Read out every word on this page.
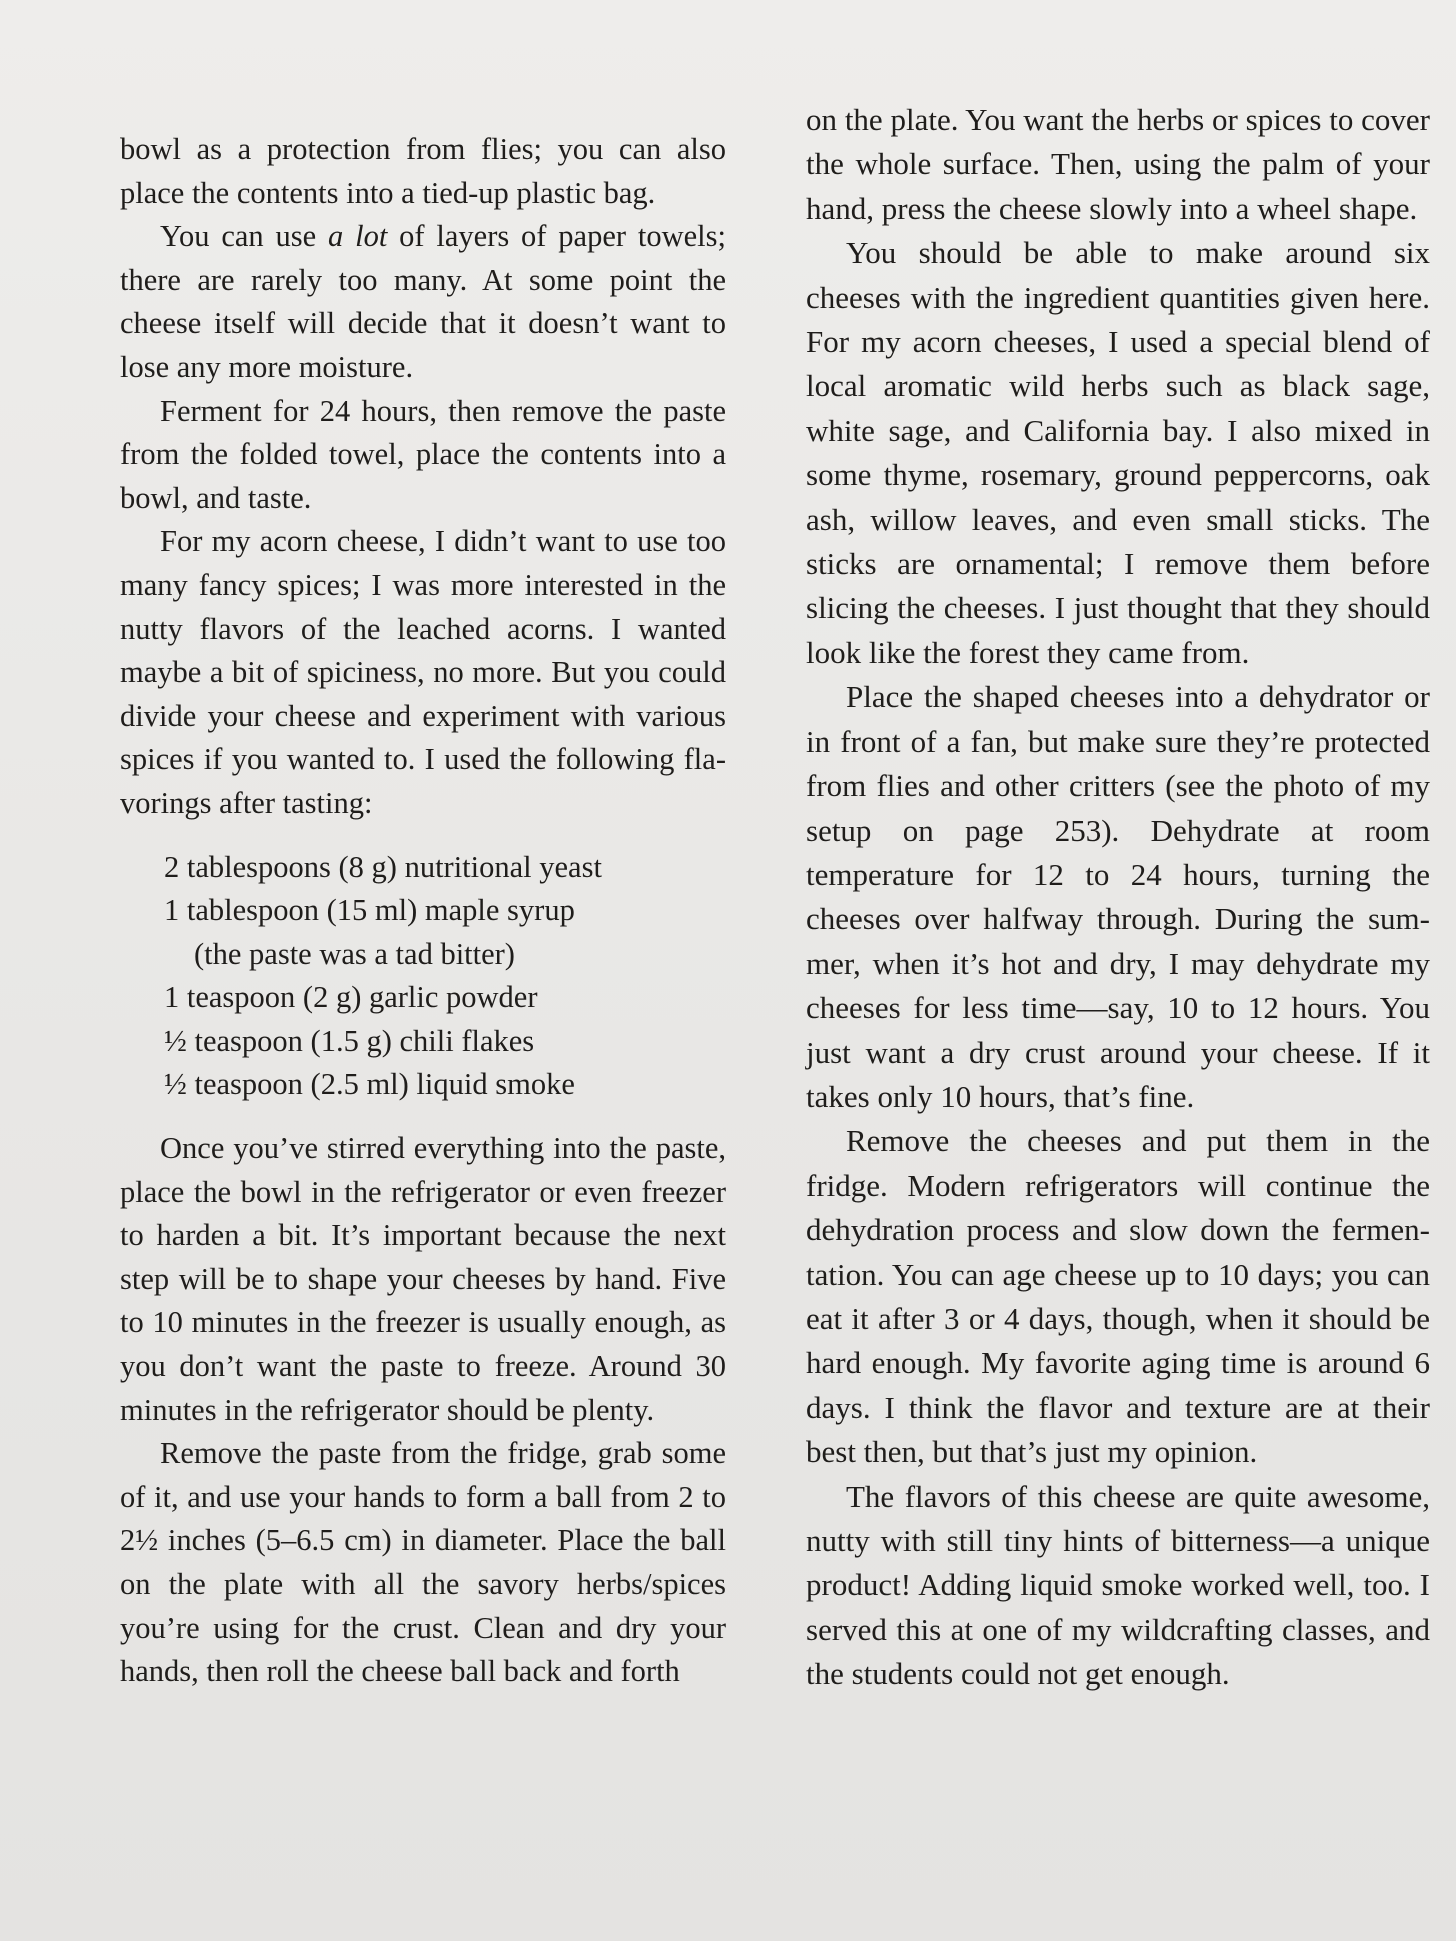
bowl as a protection from flies; you can also place the contents into a tied-up plastic bag.

You can use a lot of layers of paper towels; there are rarely too many. At some point the cheese itself will decide that it doesn’t want to lose any more moisture.

Ferment for 24 hours, then remove the paste from the folded towel, place the contents into a bowl, and taste.

For my acorn cheese, I didn’t want to use too many fancy spices; I was more interested in the nutty flavors of the leached acorns. I wanted maybe a bit of spiciness, no more. But you could divide your cheese and experiment with various spices if you wanted to. I used the following flavorings after tasting:

2 tablespoons (8 g) nutritional yeast
1 tablespoon (15 ml) maple syrup
(the paste was a tad bitter)
1 teaspoon (2 g) garlic powder
½ teaspoon (1.5 g) chili flakes
½ teaspoon (2.5 ml) liquid smoke

Once you’ve stirred everything into the paste, place the bowl in the refrigerator or even freezer to harden a bit. It’s important because the next step will be to shape your cheeses by hand. Five to 10 minutes in the freezer is usually enough, as you don’t want the paste to freeze. Around 30 minutes in the refrigerator should be plenty.

Remove the paste from the fridge, grab some of it, and use your hands to form a ball from 2 to 2½ inches (5–6.5 cm) in diameter. Place the ball on the plate with all the savory herbs/spices you’re using for the crust. Clean and dry your hands, then roll the cheese ball back and forth

on the plate. You want the herbs or spices to cover the whole surface. Then, using the palm of your hand, press the cheese slowly into a wheel shape.

You should be able to make around six cheeses with the ingredient quantities given here. For my acorn cheeses, I used a special blend of local aromatic wild herbs such as black sage, white sage, and California bay. I also mixed in some thyme, rosemary, ground peppercorns, oak ash, willow leaves, and even small sticks. The sticks are ornamental; I remove them before slicing the cheeses. I just thought that they should look like the forest they came from.

Place the shaped cheeses into a dehydrator or in front of a fan, but make sure they’re protected from flies and other critters (see the photo of my setup on page 253). Dehydrate at room temperature for 12 to 24 hours, turning the cheeses over halfway through. During the summer, when it’s hot and dry, I may dehydrate my cheeses for less time—say, 10 to 12 hours. You just want a dry crust around your cheese. If it takes only 10 hours, that’s fine.

Remove the cheeses and put them in the fridge. Modern refrigerators will continue the dehydration process and slow down the fermentation. You can age cheese up to 10 days; you can eat it after 3 or 4 days, though, when it should be hard enough. My favorite aging time is around 6 days. I think the flavor and texture are at their best then, but that’s just my opinion.

The flavors of this cheese are quite awesome, nutty with still tiny hints of bitterness—a unique product! Adding liquid smoke worked well, too. I served this at one of my wildcrafting classes, and the students could not get enough.
